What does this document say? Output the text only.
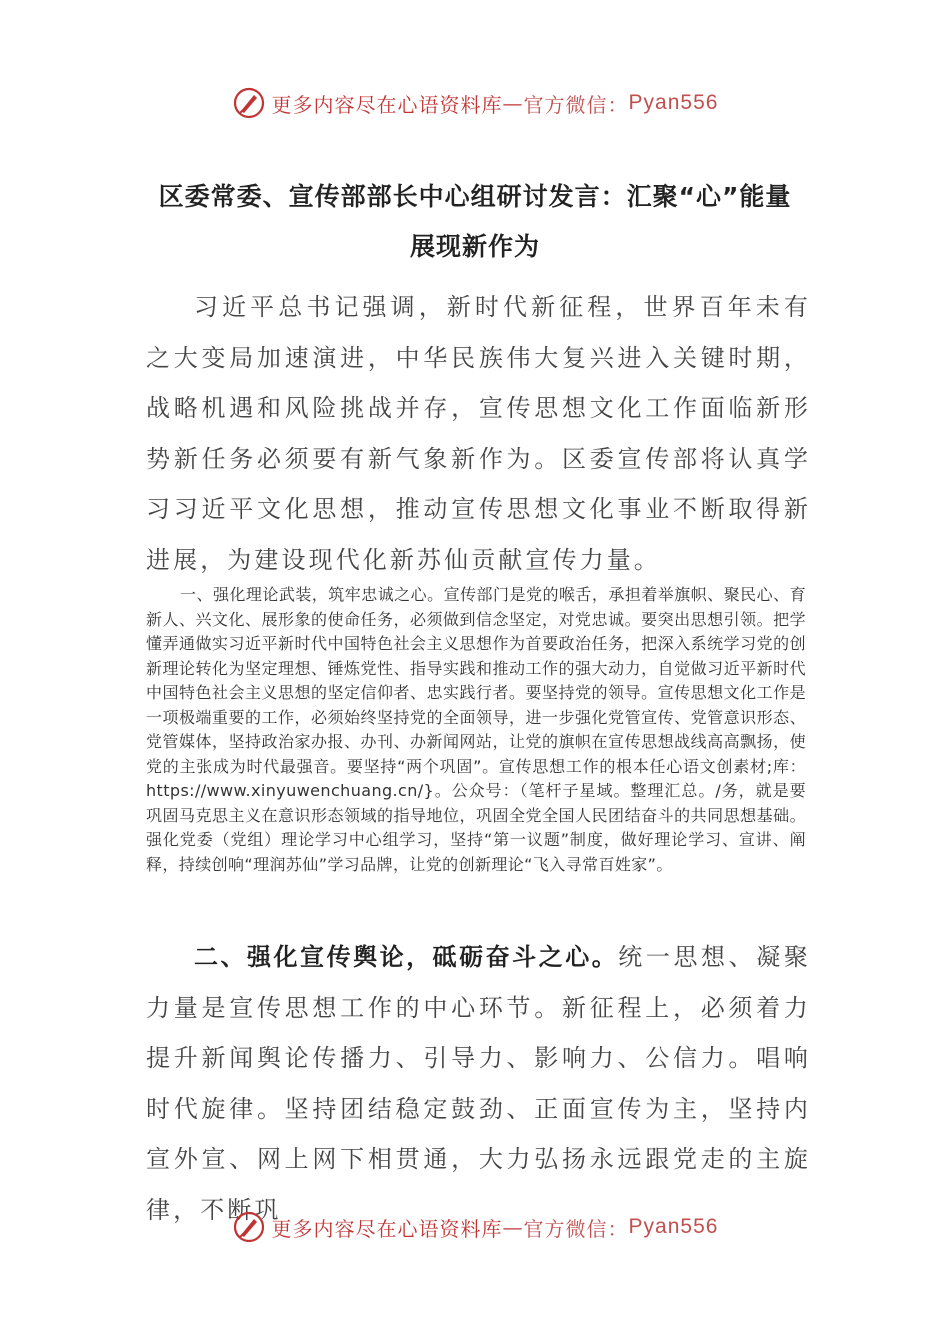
更多内容尽在心语资料库 — 官方微信： Pyan556
区委常委、宣传部部长中心组研讨发言：汇聚“心”能量
展现新作为

习近平总书记强调，新时代新征程，世界百年未有之大变局加速演进，中华民族伟大复兴进入关键时期，战略机遇和风险挑战并存，宣传思想文化工作面临新形势新任务必须要有新气象新作为。区委宣传部将认真学习习近平文化思想，推动宣传思想文化事业不断取得新进展，为建设现代化新苏仙贡献宣传力量。

一、强化理论武装，筑牢忠诚之心。宣传部门是党的喉舌，承担着举旗帜、聚民心、育新人、兴文化、展形象的使命任务，必须做到信念坚定，对党忠诚。要突出思想引领。把学懂弄通做实习近平新时代中国特色社会主义思想作为首要政治任务，把深入系统学习党的创新理论转化为坚定理想、锤炼党性、指导实践和推动工作的强大动力，自觉做习近平新时代中国特色社会主义思想的坚定信仰者、忠实践行者。要坚持党的领导。宣传思想文化工作是一项极端重要的工作，必须始终坚持党的全面领导，进一步强化党管宣传、党管意识形态、党管媒体，坚持政治家办报、办刊、办新闻网站，让党的旗帜在宣传思想战线高高飘扬，使党的主张成为时代最强音。要坚持“两个巩固”。宣传思想工作的根本任心语文创素材;库：https://www.xinyuwenchuang.cn/}。公众号：（笔杆子星域。整理汇总。/务，就是要巩固马克思主义在意识形态领域的指导地位，巩固全党全国人民团结奋斗的共同思想基础。强化党委（党组）理论学习中心组学习，坚持“第一议题”制度，做好理论学习、宣讲、阐释，持续创响“理润苏仙”学习品牌，让党的创新理论“飞入寻常百姓家”。

二、强化宣传舆论，砥砺奋斗之心。统一思想、凝聚力量是宣传思想工作的中心环节。新征程上，必须着力提升新闻舆论传播力、引导力、影响力、公信力。唱响时代旋律。坚持团结稳定鼓劲、正面宣传为主，坚持内宣外宣、网上网下相贯通，大力弘扬永远跟党走的主旋律，不断巩

更多内容尽在心语资料库 — 官方微信： Pyan556
